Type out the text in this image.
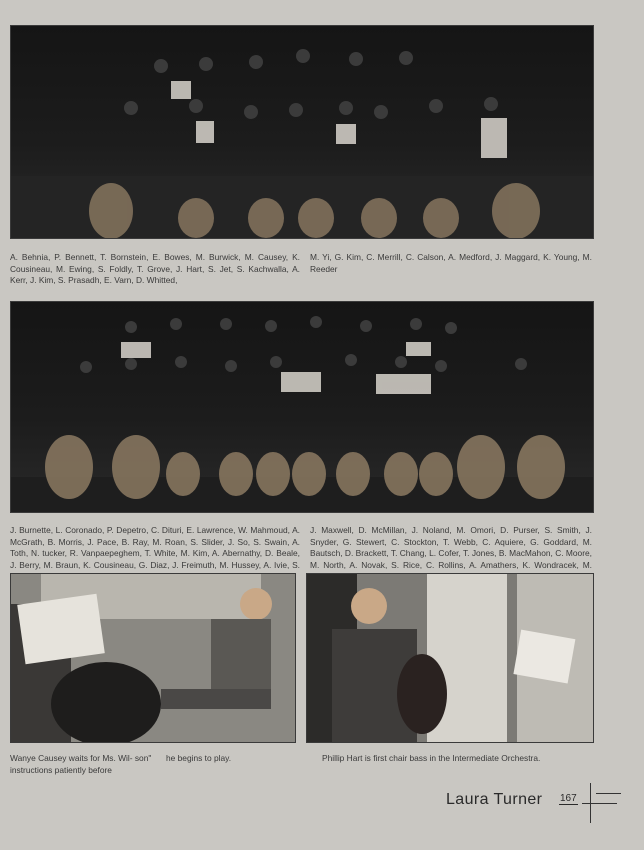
A. Behnia, P. Bennett, T. Bornstein, E. Bowes, M. Burwick, M. Causey, K. Cousineau, M. Ewing, S. Foldly, T. Grove, J. Hart, S. Jet, S. Kachwalla, A. Kerr, J. Kim, S. Prasadh, E. Varn, D. Whitted,
M. Yi, G. Kim, C. Merrill, C. Calson, A. Medford, J. Maggard, K. Young, M. Reeder
J. Burnette, L. Coronado, P. Depetro, C. Dituri, E. Lawrence, W. Mahmoud, A. McGrath, B. Morris, J. Pace, B. Ray, M. Roan, S. Slider, J. So, S. Swain, A. Toth, N. tucker, R. Vanpaepeghem, T. White, M. Kim, A. Abernathy, D. Beale, J. Berry, M. Braun, K. Cousineau, G. Diaz, J. Freimuth, M. Hussey, A. Ivie, S.
J. Maxwell, D. McMillan, J. Noland, M. Omori, D. Purser, S. Smith, J. Snyder, G. Stewert, C. Stockton, T. Webb, C. Aquiere, G. Goddard, M. Bautsch, D. Brackett, T. Chang, L. Cofer, T. Jones, B. MacMahon, C. Moore, M. North, A. Novak, S. Rice, C. Rollins, A. Amathers, K. Wondracek, M.
Wanye Causey waits for Ms. Wil- son" instructions patiently before
he begins to play.	Phillip Hart is first chair bass in the Intermediate Orchestra.
Laura Turner 167
